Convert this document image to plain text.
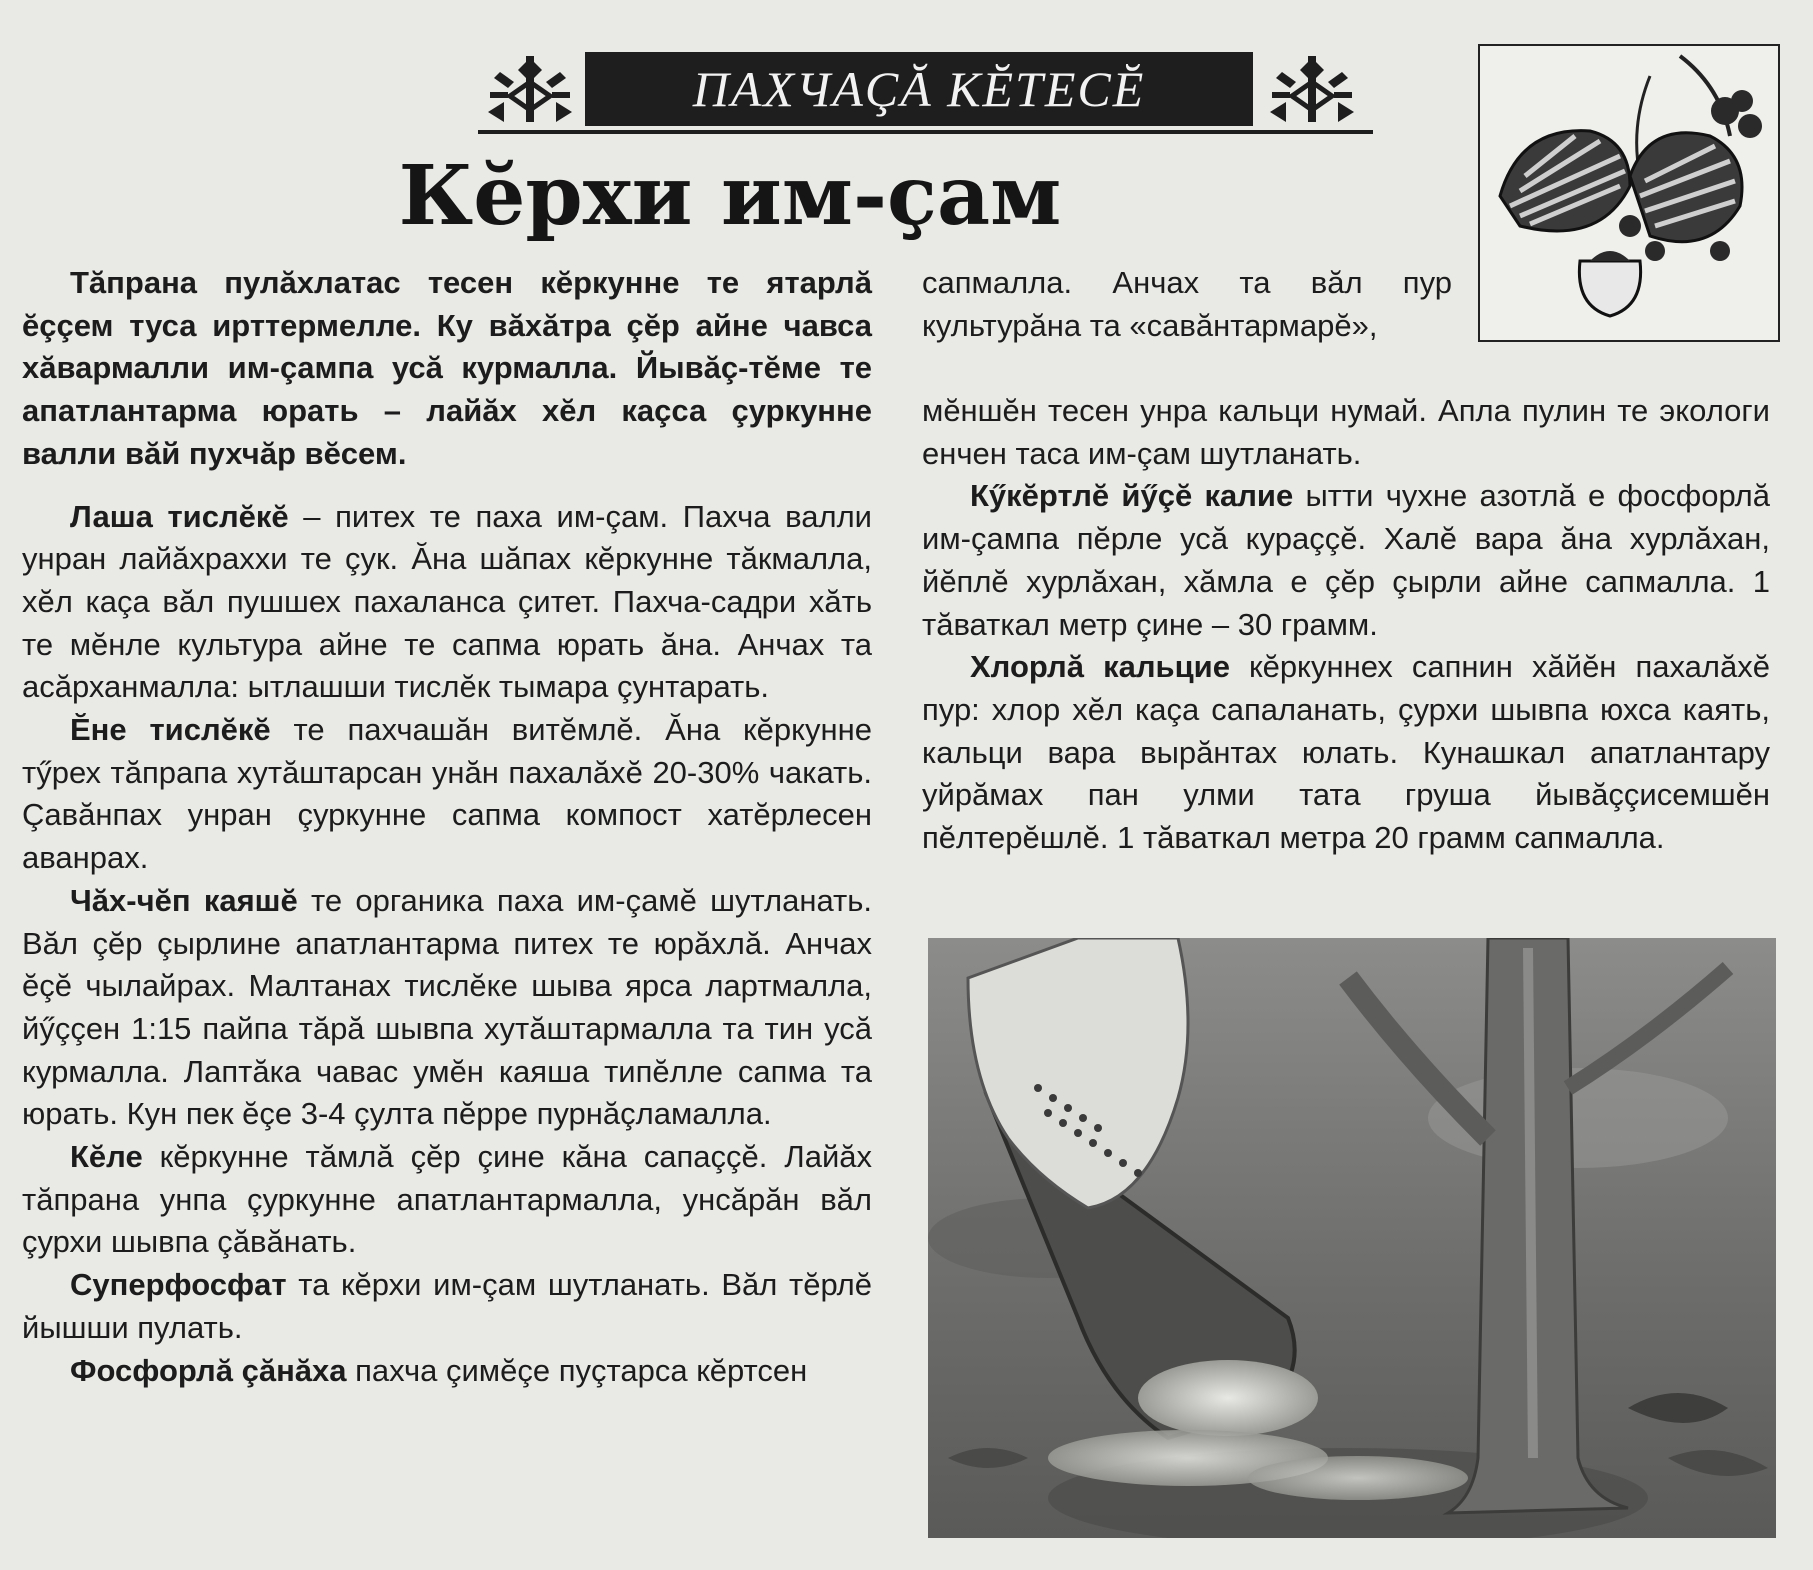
ПАХЧАÇĂ КĔТЕСĔ
Кĕрхи им-çам

Тăпрана пулăхлатас тесен кĕркунне те ятарлă ĕççем туса ирттермелле. Ку вăхăтра çĕр айне чавса хăвармалли им-çампа усă курмалла. Йывăç-тĕме те апатлантарма юрать – лайăх хĕл каçса çуркунне валли вăй пухчăр вĕсем.

Лаша тислĕкĕ – питех те паха им-çам. Пахча валли унран лайăхраххи те çук. Ăна шăпах кĕркунне тăкмалла, хĕл каçа вăл пушшех пахаланса çитет. Пахча-садри хăть те мĕнле культура айне те сапма юрать ăна. Анчах та асăрханмалла: ытлашши тислĕк тымара çунтарать.

Ĕне тислĕкĕ те пахчашăн витĕмлĕ. Ăна кĕркунне тӳрех тăпрапа хутăштарсан унăн пахалăхĕ 20-30% чакать. Çавăнпах унран çуркунне сапма компост хатĕрлесен аванрах.

Чăх-чĕп каяшĕ те органика паха им-çамĕ шутланать. Вăл çĕр çырлине апатлантарма питех те юрăхлă. Анчах ĕçĕ чылайрах. Малтанах тислĕке шыва ярса лартмалла, йӳççен 1:15 пайпа тăрă шывпа хутăштармалла та тин усă курмалла. Лаптăка чавас умĕн каяша типĕлле сапма та юрать. Кун пек ĕçе 3-4 çулта пĕрре пурнăçламалла.

Кĕле кĕркунне тăмлă çĕр çине кăна сапаççĕ. Лайăх тăпрана унпа çуркунне апатлантармалла, унсăрăн вăл çурхи шывпа çăвăнать.

Суперфосфат та кĕрхи им-çам шутланать. Вăл тĕрлĕ йышши пулать.

Фосфорлă çăнăха пахча çимĕçе пуçтарса кĕртсен

сапмалла. Анчах та вăл пур культурăна та «савăнтармарĕ»,

мĕншĕн тесен унра кальци нумай. Апла пулин те экологи енчен таса им-çам шутланать.

Кӳкĕртлĕ йӳçĕ калие ытти чухне азотлă е фосфорлă им-çампа пĕрле усă кураççĕ. Халĕ вара ăна хурлăхан, йĕплĕ хурлăхан, хăмла е çĕр çырли айне сапмалла. 1 тăваткал метр çине – 30 грамм.

Хлорлă кальцие кĕркуннех сапнин хăйĕн пахалăхĕ пур: хлор хĕл каçа сапаланать, çурхи шывпа юхса каять, кальци вара вырăнтах юлать. Кунашкал апатлантару уйрăмах пан улми тата груша йывăççисемшĕн пĕлтерĕшлĕ. 1 тăваткал метра 20 грамм сапмалла.
